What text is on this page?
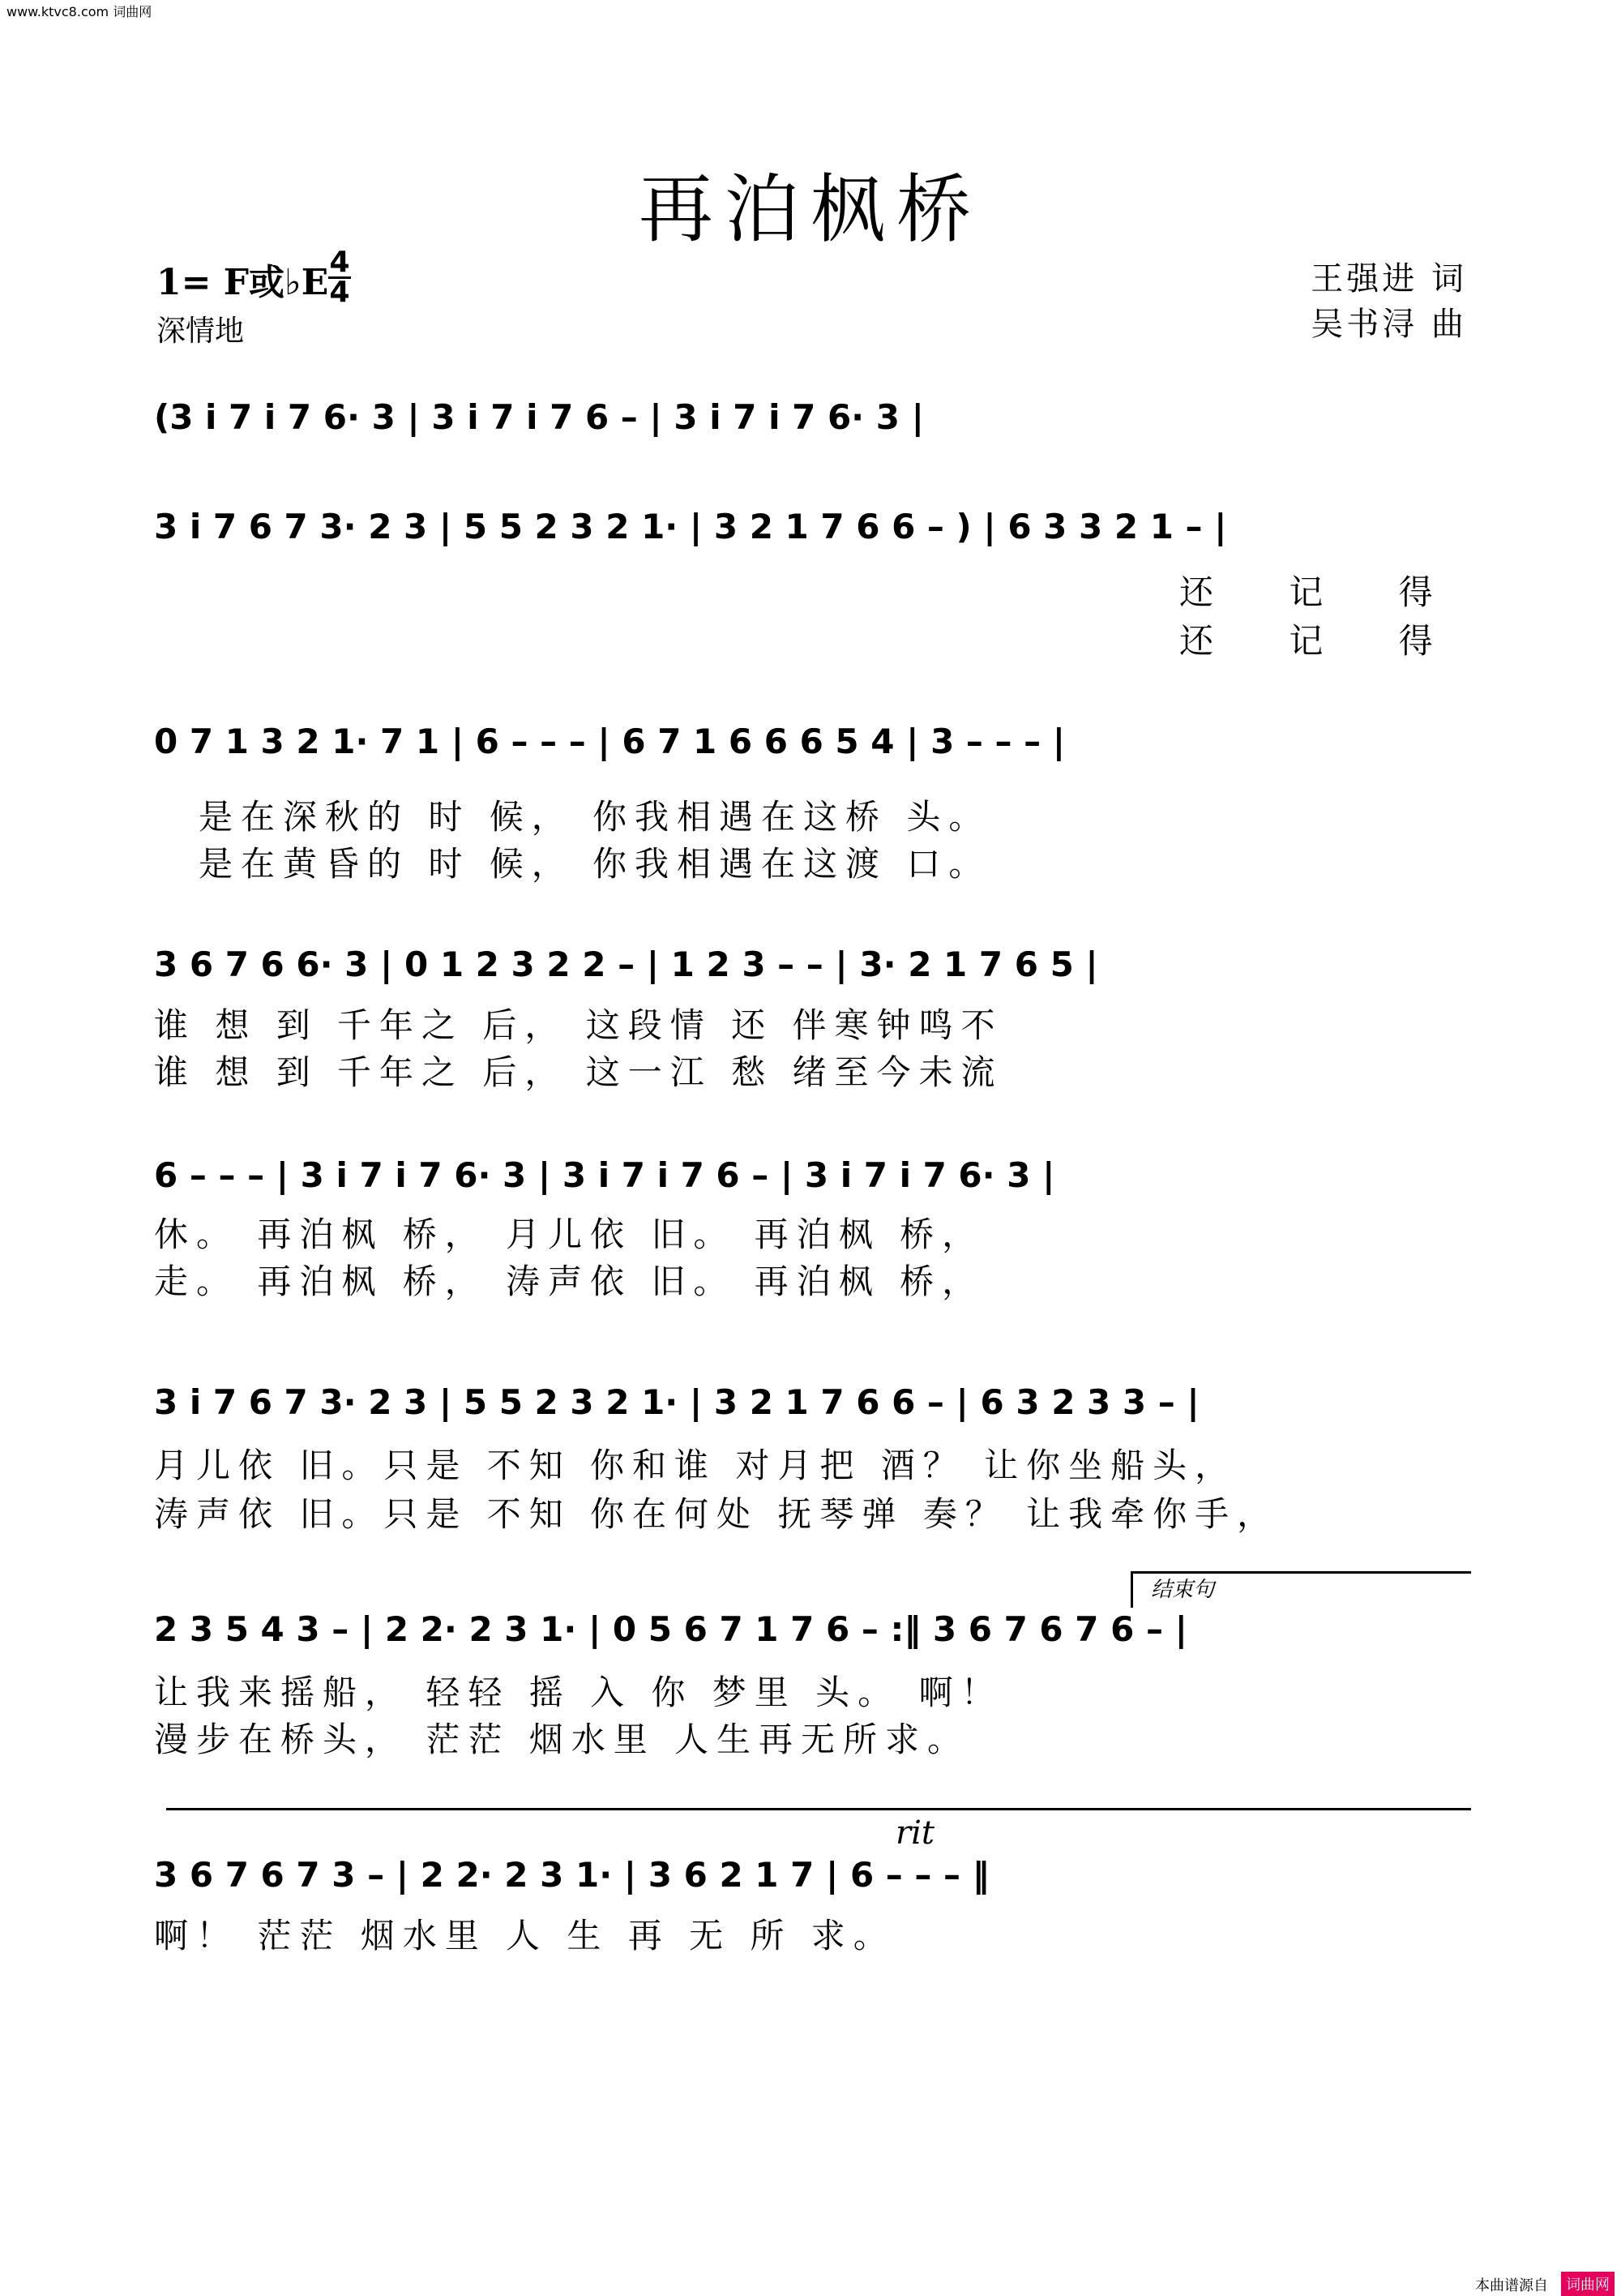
www.ktvc8.com 词曲网
再泊枫桥
1= F或♭E 4
4
深情地
王强进 词
吴书浔 曲
(3 i 7 i 7 6· 3 | 3 i 7 i 7 6 – | 3 i 7 i 7 6· 3 |
3 i 7 6 7 3· 2 3 | 5 5 2 3 2 1· | 3 2 1 7 6 6 – ) | 6 3 3 2 1 – |
还 记 得
还 记 得
0 7 1 3 2 1· 7 1 | 6 – – – | 6 7 1 6 6 6 5 4 | 3 – – – |
是在深秋的 时 候， 你我相遇在这桥 头。
是在黄昏的 时 候， 你我相遇在这渡 口。
3 6 7 6 6· 3 | 0 1 2 3 2 2 – | 1 2 3 – – | 3· 2 1 7 6 5 |
谁 想 到 千年之 后， 这段情 还 伴寒钟鸣不
谁 想 到 千年之 后， 这一江 愁 绪至今未流
6 – – – | 3 i 7 i 7 6· 3 | 3 i 7 i 7 6 – | 3 i 7 i 7 6· 3 |
休。 再泊枫 桥， 月儿依 旧。 再泊枫 桥，
走。 再泊枫 桥， 涛声依 旧。 再泊枫 桥，
3 i 7 6 7 3· 2 3 | 5 5 2 3 2 1· | 3 2 1 7 6 6 – | 6 3 2 3 3 – |
月儿依 旧。只是 不知 你和谁 对月把 酒？ 让你坐船头，
涛声依 旧。只是 不知 你在何处 抚琴弹 奏？ 让我牵你手，
结束句
2 3 5 4 3 – | 2 2· 2 3 1· | 0 5 6 7 1 7 6 – :‖ 3 6 7 6 7 6 – |
让我来摇船， 轻轻 摇 入 你 梦里 头。 啊！
漫步在桥头， 茫茫 烟水里 人生再无所求。
rit
3 6 7 6 7 3 – | 2 2· 2 3 1· | 3 6 2 1 7 | 6 – – – ‖
啊！ 茫茫 烟水里 人 生 再 无 所 求。
本曲谱源自	词曲网
